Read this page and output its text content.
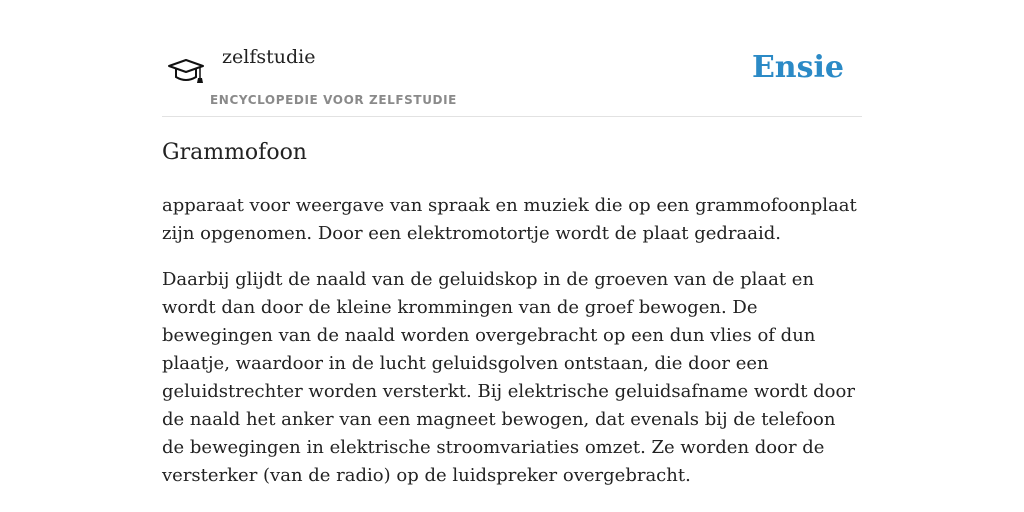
zelfstudie
ENCYCLOPEDIE VOOR ZELFSTUDIE
Ensie
Grammofoon

apparaat voor weergave van spraak en muziek die op een grammofoonplaat zijn opgenomen. Door een elektromotortje wordt de plaat gedraaid.

Daarbij glijdt de naald van de geluidskop in de groeven van de plaat en wordt dan door de kleine krommingen van de groef bewogen. De bewegingen van de naald worden overgebracht op een dun vlies of dun plaatje, waardoor in de lucht geluidsgolven ontstaan, die door een geluidstrechter worden versterkt. Bij elektrische geluidsafname wordt door de naald het anker van een magneet bewogen, dat evenals bij de telefoon de bewegingen in elektrische stroomvariaties omzet. Ze worden door de versterker (van de radio) op de luidspreker overgebracht.
